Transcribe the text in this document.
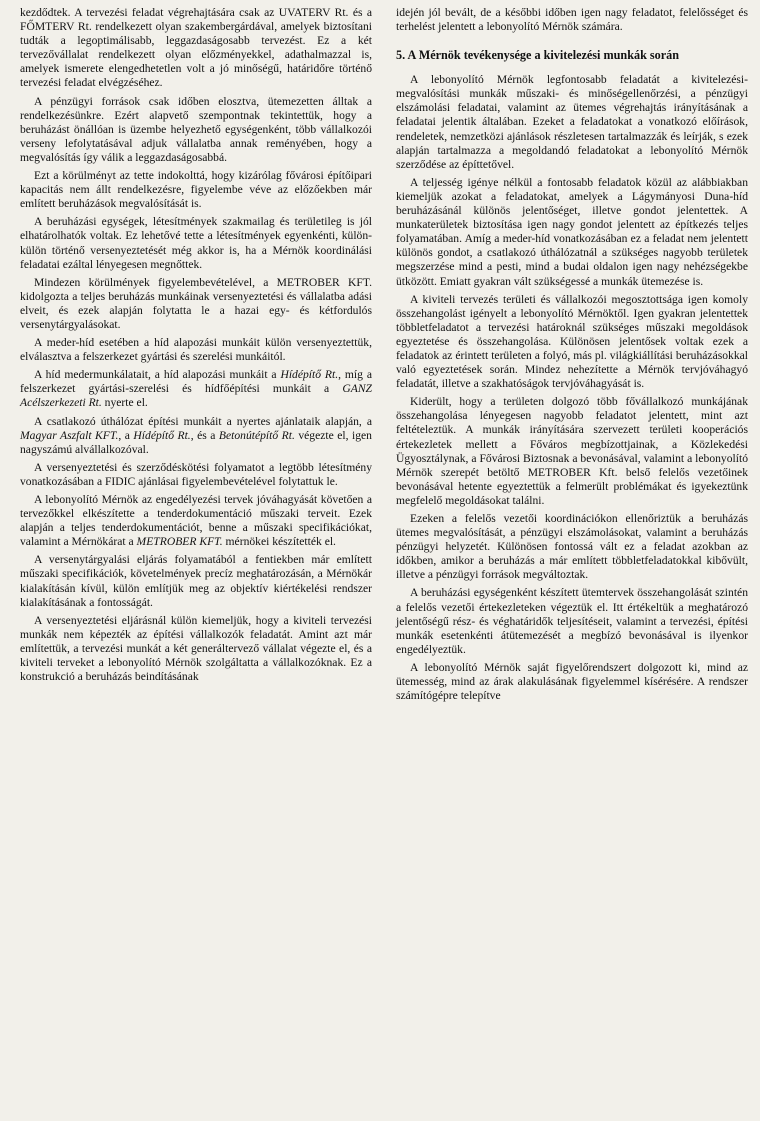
kezdődtek. A tervezési feladat végrehajtására csak az UVATERV Rt. és a FŐMTERV Rt. rendelkezett olyan szakembergárdával, amelyek biztosítani tudták a legoptimálisabb, leggazdaságosabb tervezést. Ez a két tervezővállalat rendelkezett olyan előzményekkel, adathalmazzal is, amelyek ismerete elengedhetetlen volt a jó minőségű, határidőre történő tervezési feladat elvégzéséhez.

A pénzügyi források csak időben elosztva, ütemezetten álltak a rendelkezésünkre. Ezért alapvető szempontnak tekintettük, hogy a beruházást önállóan is üzembe helyezhető egységenként, több vállalkozói verseny lefolytatásával adjuk vállalatba annak reményében, hogy a megvalósítás így válik a leggazdaságosabbá.

Ezt a körülményt az tette indokolttá, hogy kizárólag fővárosi építőipari kapacitás nem állt rendelkezésre, figyelembe véve az előzőekben már említett beruházások megvalósítását is.

A beruházási egységek, létesítmények szakmailag és területileg is jól elhatárolhatók voltak. Ez lehetővé tette a létesítmények egyenkénti, külön-külön történő versenyeztetését még akkor is, ha a Mérnök koordinálási feladatai ezáltal lényegesen megnőttek.

Mindezen körülmények figyelembevételével, a METROBER KFT. kidolgozta a teljes beruházás munkáinak versenyeztetési és vállalatba adási elveit, és ezek alapján folytatta le a hazai egy- és kétfordulós versenytárgyalásokat.

A meder-híd esetében a híd alapozási munkáit külön versenyeztettük, elválasztva a felszerkezet gyártási és szerelési munkáitól.

A híd medermunkálatait, a híd alapozási munkáit a Hídépítő Rt., míg a felszerkezet gyártási-szerelési és hídfőépítési munkáit a GANZ Acélszerkezeti Rt. nyerte el.

A csatlakozó úthálózat építési munkáit a nyertes ajánlataik alapján, a Magyar Aszfalt KFT., a Hídépítő Rt., és a Betonútépítő Rt. végezte el, igen nagyszámú alvállalkozóval.

A versenyeztetési és szerződéskötési folyamatot a legtöbb létesítmény vonatkozásában a FIDIC ajánlásai figyelembevételével folytattuk le.

A lebonyolító Mérnök az engedélyezési tervek jóváhagyását követően a tervezőkkel elkészítette a tenderdokumentáció műszaki terveit. Ezek alapján a teljes tenderdokumentációt, benne a műszaki specifikációkat, valamint a Mérnökárat a METROBER KFT. mérnökei készítették el.

A versenytárgyalási eljárás folyamatából a fentiekben már említett műszaki specifikációk, követelmények precíz meghatározásán, a Mérnökár kialakításán kívül, külön említjük meg az objektív kiértékelési rendszer kialakításának a fontosságát.

A versenyeztetési eljárásnál külön kiemeljük, hogy a kiviteli tervezési munkák nem képezték az építési vállalkozók feladatát. Amint azt már említettük, a tervezési munkát a két generáltervező vállalat végezte el, és a kiviteli terveket a lebonyolító Mérnök szolgáltatta a vállalkozóknak. Ez a konstrukció a beruházás beindításának

idején jól bevált, de a későbbi időben igen nagy feladatot, felelősséget és terhelést jelentett a lebonyolító Mérnök számára.

5. A Mérnök tevékenysége a kivitelezési munkák során

A lebonyolító Mérnök legfontosabb feladatát a kivitelezési-megvalósítási munkák műszaki- és minőségellenőrzési, a pénzügyi elszámolási feladatai, valamint az ütemes végrehajtás irányításának a feladatai jelentik általában. Ezeket a feladatokat a vonatkozó előírások, rendeletek, nemzetközi ajánlások részletesen tartalmazzák és leírják, s ezek alapján tartalmazza a megoldandó feladatokat a lebonyolító Mérnök szerződése az építtetővel.

A teljesség igénye nélkül a fontosabb feladatok közül az alábbiakban kiemeljük azokat a feladatokat, amelyek a Lágymányosi Duna-híd beruházásánál különös jelentőséget, illetve gondot jelentettek. A munkaterületek biztosítása igen nagy gondot jelentett az építkezés teljes folyamatában. Amíg a meder-híd vonatkozásában ez a feladat nem jelentett különös gondot, a csatlakozó úthálózatnál a szükséges nagyobb területek megszerzése mind a pesti, mind a budai oldalon igen nagy nehézségekbe ütközött. Emiatt gyakran vált szükségessé a munkák ütemezése is.

A kiviteli tervezés területi és vállalkozói megosztottsága igen komoly összehangolást igényelt a lebonyolító Mérnöktől. Igen gyakran jelentettek többletfeladatot a tervezési határoknál szükséges műszaki megoldások egyeztetése és összehangolása. Különösen jelentősek voltak ezek a feladatok az érintett területen a folyó, más pl. világkiállítási beruházásokkal való egyeztetések során. Mindez nehezítette a Mérnök tervjóváhagyó feladatát, illetve a szakhatóságok tervjóváhagyását is.

Kiderült, hogy a területen dolgozó több fővállalkozó munkájának összehangolása lényegesen nagyobb feladatot jelentett, mint azt feltételeztük. A munkák irányítására szervezett területi kooperációs értekezletek mellett a Főváros megbízottjainak, a Közlekedési Ügyosztálynak, a Fővárosi Biztosnak a bevonásával, valamint a lebonyolító Mérnök szerepét betöltő METROBER Kft. belső felelős vezetőinek bevonásával hetente egyeztettük a felmerült problémákat és igyekeztünk megfelelő megoldásokat találni.

Ezeken a felelős vezetői koordinációkon ellenőriztük a beruházás ütemes megvalósítását, a pénzügyi elszámolásokat, valamint a beruházás pénzügyi helyzetét. Különösen fontossá vált ez a feladat azokban az időkben, amikor a beruházás a már említett többletfeladatokkal kibővült, illetve a pénzügyi források megváltoztak.

A beruházási egységenként készített ütemtervek összehangolását szintén a felelős vezetői értekezleteken végeztük el. Itt értékeltük a meghatározó jelentőségű rész- és véghatáridők teljesítéseit, valamint a tervezési, építési munkák esetenkénti átütemezését a megbízó bevonásával is ilyenkor engedélyeztük.

A lebonyolító Mérnök saját figyelőrendszert dolgozott ki, mind az ütemesség, mind az árak alakulásának figyelemmel kísérésére. A rendszer számítógépre telepítve
